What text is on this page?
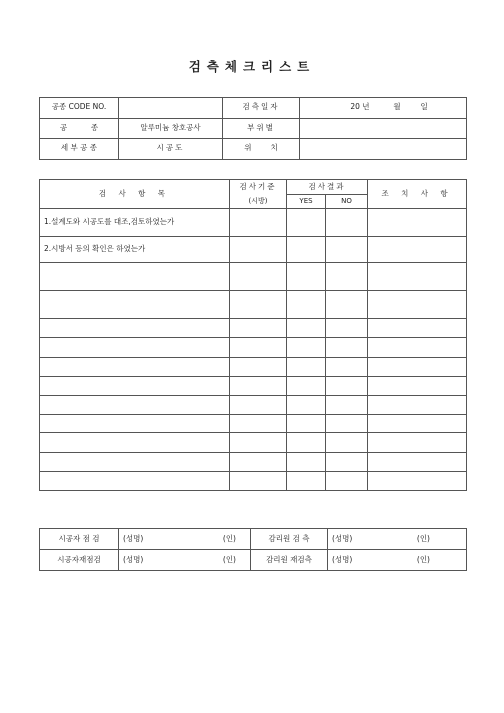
검측체크리스트
공종 CODE NO.		검측일자	20 년	월	일
공          종	알루미늄 창호공사	부위별			
세 부 공 종	시공도	위        치			
검 사 항 목	검사기준	검사결과		조 치 사 항
	(시방)	YES	NO	
1.설계도와 시공도를 대조,검토하였는가				
2.시방서 등의 확인은 하였는가				

시공자 점 검	(성명)	(인)	감리원 검 측	(성명)	(인)
시공자재점검	(성명)	(인)	감리원 재검측	(성명)	(인)
